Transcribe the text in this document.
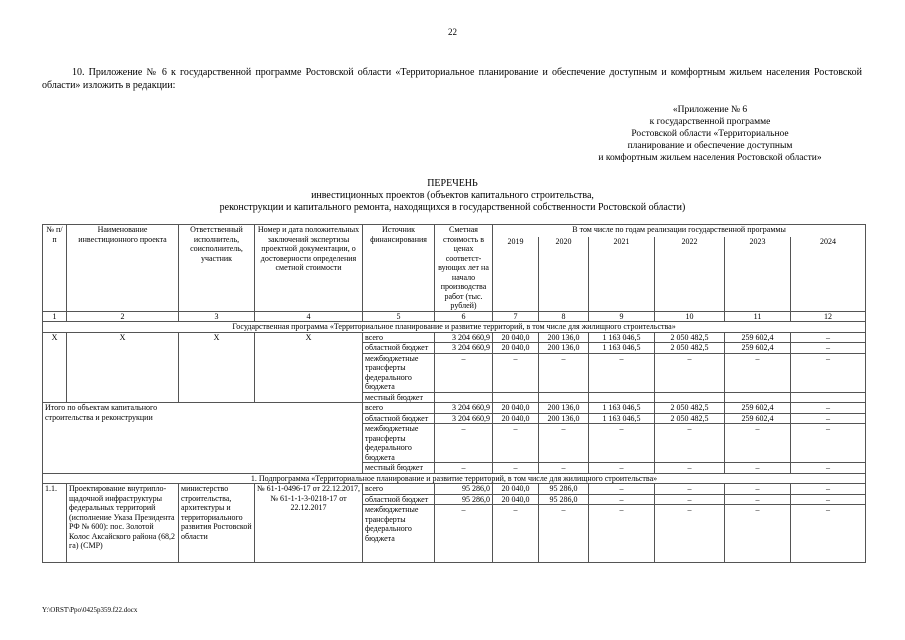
22
10. Приложение № 6 к государственной программе Ростовской области «Территориальное планирование и обеспечение доступным и комфортным жильем населения Ростовской области» изложить в редакции:
«Приложение № 6
к государственной программе
Ростовской области «Территориальное
планирование и обеспечение доступным
и комфортным жильем населения Ростовской области»
ПЕРЕЧЕНЬ
инвестиционных проектов (объектов капитального строительства,
реконструкции и капитального ремонта, находящихся в государственной собственности Ростовской области)
№ п/п	Наименование инвестиционного проекта	Ответственный исполнитель, соисполнитель, участник	Номер и дата положительных заключений экспертизы проектной документации, о достоверности определения сметной стоимости	Источник финансирования	Сметная стоимость в ценах соответст-вующих лет на начало производства работ (тыс. рублей)	В том числе по годам реализации государственной программы					
						2019	2020	2021	2022	2023	2024
1	2	3	4	5	6	7	8	9	10	11	12
Государственная программа «Территориальное планирование и развитие территорий, в том числе для жилищного строительства»											
Х	Х	Х	Х	всего	3 204 660,9	20 040,0	200 136,0	1 163 046,5	2 050 482,5	259 602,4	–
				областной бюджет	3 204 660,9	20 040,0	200 136,0	1 163 046,5	2 050 482,5	259 602,4	–
				межбюджетные трансферты федерального бюджета	–	–	–	–	–	–	–
				местный бюджет							
Итого по объектам капитального строительства и реконструкции				всего	3 204 660,9	20 040,0	200 136,0	1 163 046,5	2 050 482,5	259 602,4	–
				областной бюджет	3 204 660,9	20 040,0	200 136,0	1 163 046,5	2 050 482,5	259 602,4	–
				межбюджетные трансферты федерального бюджета	–	–	–	–	–	–	–
				местный бюджет	–	–	–	–	–	–	–
1. Подпрограмма «Территориальное планирование и развитие территорий, в том числе для жилищного строительства»											
1.1.	Проектирование внутрипло-щадочной инфраструктуры федеральных территорий (исполнение Указа Президента РФ № 600): пос. Золотой Колос Аксайского района (68,2 га) (СМР)	министерство строительства, архитектуры и территориального развития Ростовской области	№ 61-1-0496-17 от 22.12.2017, № 61-1-1-3-0218-17 от 22.12.2017	всего	95 286,0	20 040,0	95 286,0	–	–	–	–
				областной бюджет	95 286,0	20 040,0	95 286,0	–	–	–	–
				межбюджетные трансферты федерального бюджета	–	–	–	–	–	–	–
Y:\ORST\Ppo\0425p359.f22.docx
